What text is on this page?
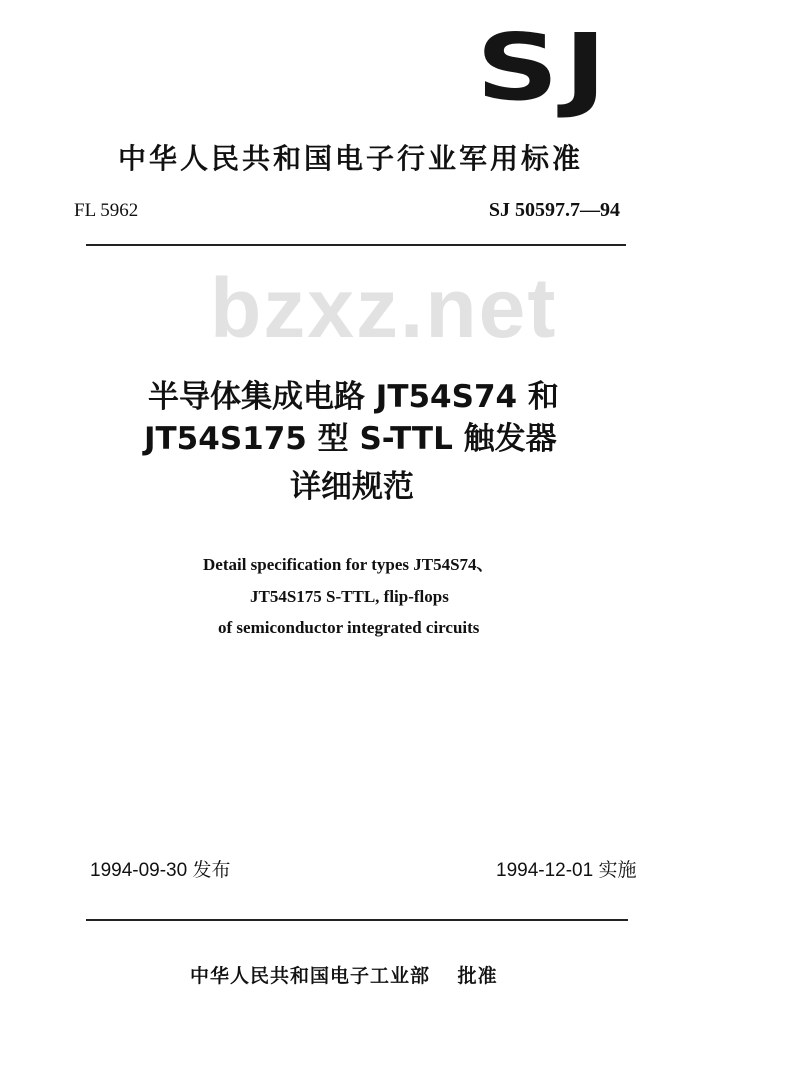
SJ
bzxz.net
中华人民共和国电子行业军用标准
FL 5962	SJ 50597.7—94
半导体集成电路 JT54S74 和
JT54S175 型 S-TTL 触发器
详细规范
Detail specification for types JT54S74、
JT54S175 S-TTL, flip-flops
of semiconductor integrated circuits
1994-09-30 发布	1994-12-01 实施
中华人民共和国电子工业部 批准
